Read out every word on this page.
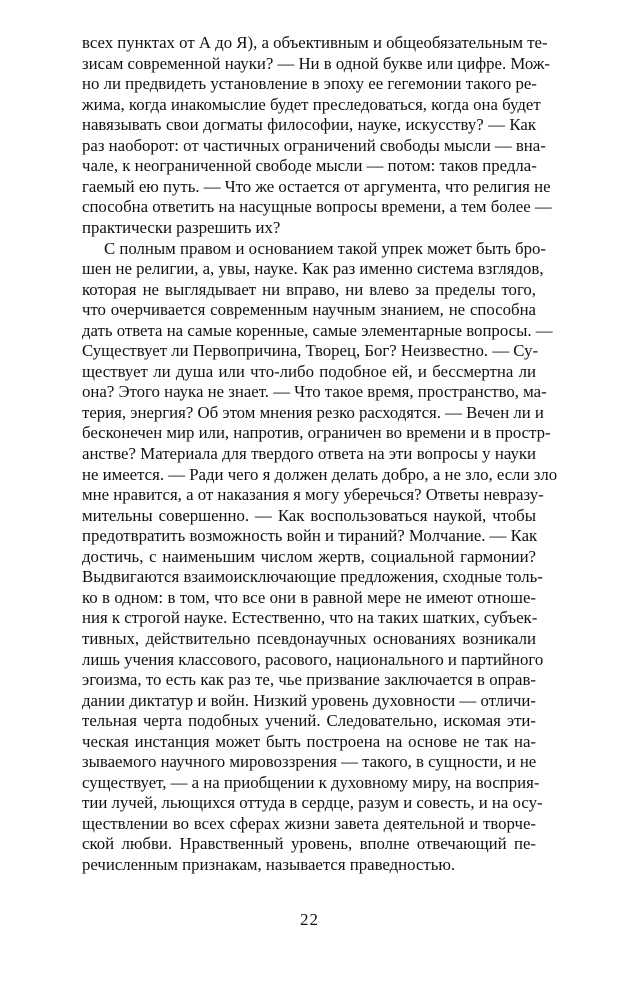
всех пунктах от А до Я), а объективным и общеобязательным те-
зисам современной науки? — Ни в одной букве или цифре. Мож-
но ли предвидеть установление в эпоху ее гегемонии такого ре-
жима, когда инакомыслие будет преследоваться, когда она будет
навязывать свои догматы философии, науке, искусству? — Как
раз наоборот: от частичных ограничений свободы мысли — вна-
чале, к неограниченной свободе мысли — потом: таков предла-
гаемый ею путь. — Что же остается от аргумента, что религия не
способна ответить на насущные вопросы времени, а тем более —
практически разрешить их?
С полным правом и основанием такой упрек может быть бро-
шен не религии, а, увы, науке. Как раз именно система взглядов,
которая не выглядывает ни вправо, ни влево за пределы того,
что очерчивается современным научным знанием, не способна
дать ответа на самые коренные, самые элементарные вопросы. —
Существует ли Первопричина, Творец, Бог? Неизвестно. — Су-
ществует ли душа или что-либо подобное ей, и бессмертна ли
она? Этого наука не знает. — Что такое время, пространство, ма-
терия, энергия? Об этом мнения резко расходятся. — Вечен ли и
бесконечен мир или, напротив, ограничен во времени и в простр-
анстве? Материала для твердого ответа на эти вопросы у науки
не имеется. — Ради чего я должен делать добро, а не зло, если зло
мне нравится, а от наказания я могу уберечься? Ответы невразу-
мительны совершенно. — Как воспользоваться наукой, чтобы
предотвратить возможность войн и тираний? Молчание. — Как
достичь, с наименьшим числом жертв, социальной гармонии?
Выдвигаются взаимоисключающие предложения, сходные толь-
ко в одном: в том, что все они в равной мере не имеют отноше-
ния к строгой науке. Естественно, что на таких шатких, субъек-
тивных, действительно псевдонаучных основаниях возникали
лишь учения классового, расового, национального и партийного
эгоизма, то есть как раз те, чье призвание заключается в оправ-
дании диктатур и войн. Низкий уровень духовности — отличи-
тельная черта подобных учений. Следовательно, искомая эти-
ческая инстанция может быть построена на основе не так на-
зываемого научного мировоззрения — такого, в сущности, и не
существует, — а на приобщении к духовному миру, на восприя-
тии лучей, льющихся оттуда в сердце, разум и совесть, и на осу-
ществлении во всех сферах жизни завета деятельной и творче-
ской любви. Нравственный уровень, вполне отвечающий пе-
речисленным признакам, называется праведностью.
22
